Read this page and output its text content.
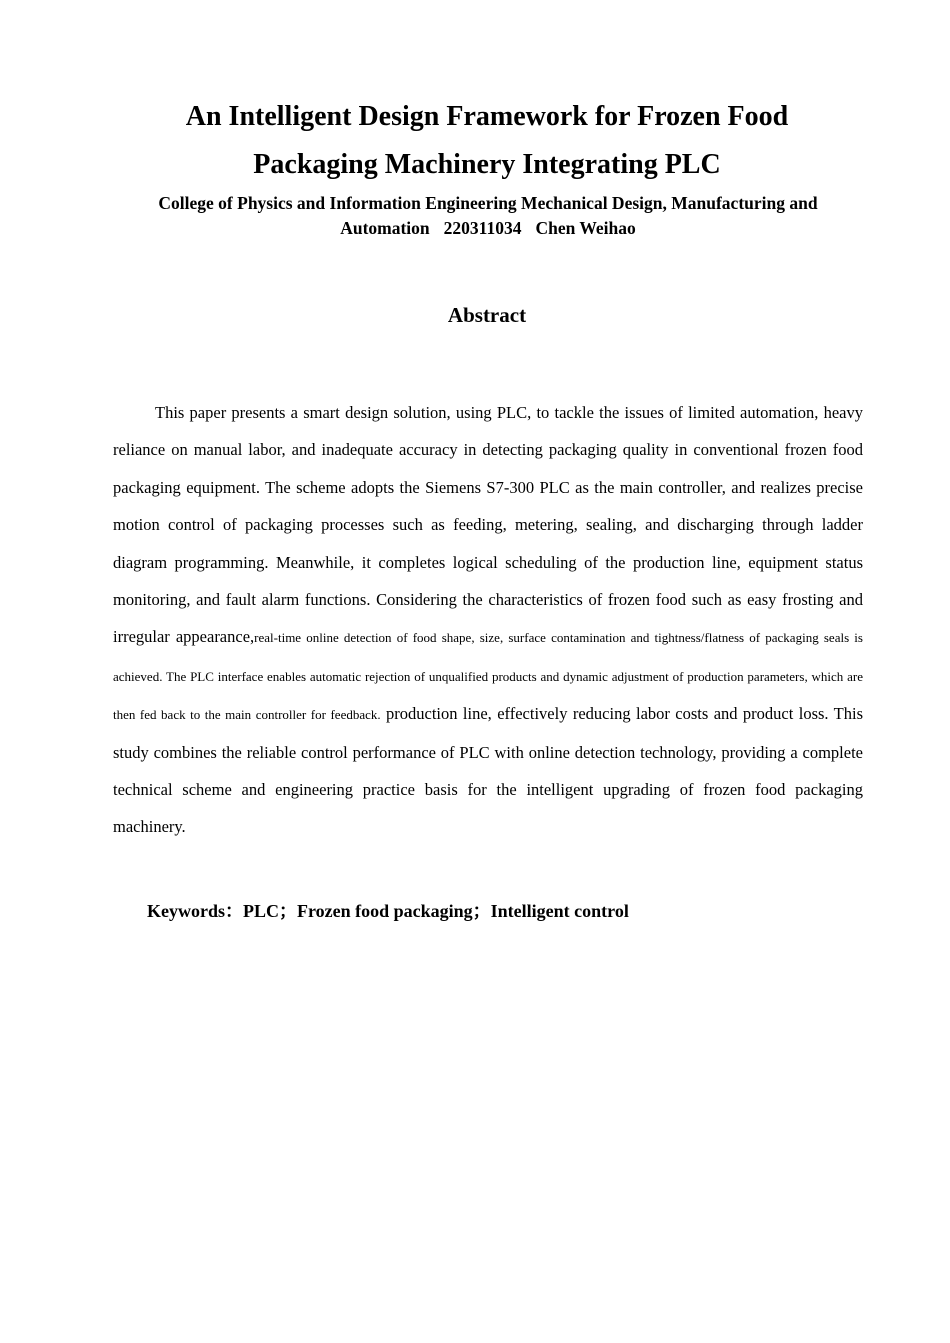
An Intelligent Design Framework for Frozen Food
Packaging Machinery Integrating PLC
College of Physics and Information Engineering Mechanical Design, Manufacturing and
Automation 220311034 Chen Weihao
Abstract

This paper presents a smart design solution, using PLC, to tackle the issues of limited automation, heavy reliance on manual labor, and inadequate accuracy in detecting packaging quality in conventional frozen food packaging equipment. The scheme adopts the Siemens S7-300 PLC as the main controller, and realizes precise motion control of packaging processes such as feeding, metering, sealing, and discharging through ladder diagram programming. Meanwhile, it completes logical scheduling of the production line, equipment status monitoring, and fault alarm functions. Considering the characteristics of frozen food such as easy frosting and irregular appearance,real-time online detection of food shape, size, surface contamination and tightness/flatness of packaging seals is achieved. The PLC interface enables automatic rejection of unqualified products and dynamic adjustment of production parameters, which are then fed back to the main controller for feedback. production line, effectively reducing labor costs and product loss. This study combines the reliable control performance of PLC with online detection technology, providing a complete technical scheme and engineering practice basis for the intelligent upgrading of frozen food packaging machinery.

Keywords：PLC；Frozen food packaging；Intelligent control
